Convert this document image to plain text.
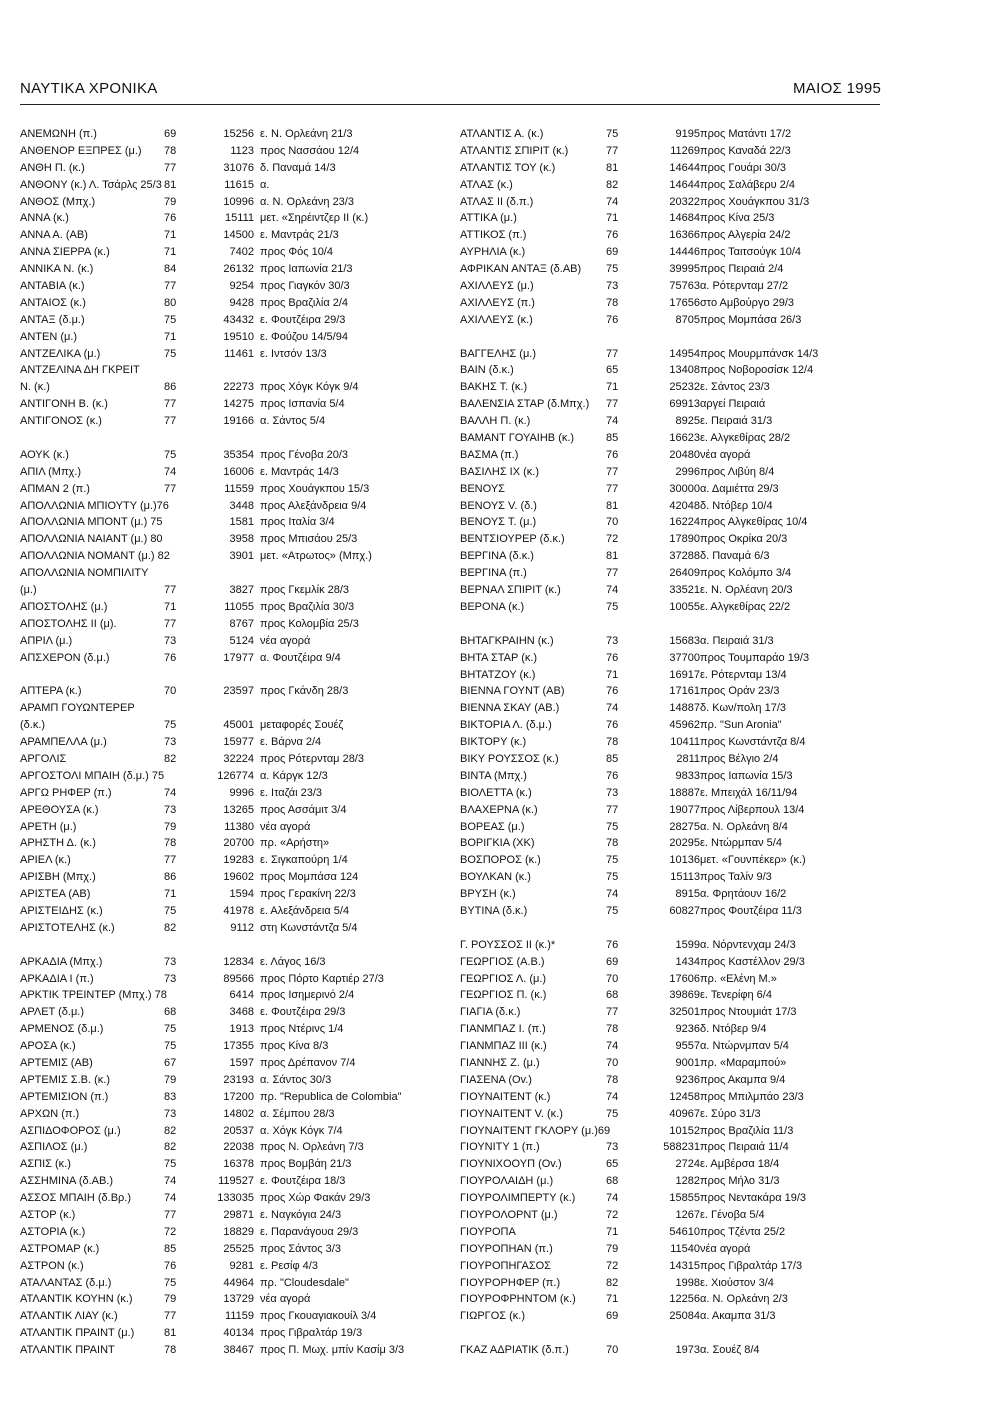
ΝΑΥΤΙΚΑ ΧΡΟΝΙΚΑ	ΜΑΙΟΣ 1995
ΑΝΕΜΩΝΗ (π.)	69	15256 ε. Ν. Ορλεάνη 21/3
ΑΝΘΕΝΟΡ ΕΞΠΡΕΣ (μ.) 78	1123 προς Νασσάου 12/4
ΑΝΘΗ Π. (κ.)	77	31076 δ. Παναμά 14/3
ΑΝΘΟΝΥ (κ.) Λ. Τσάρλς 25/3 81	11615 α.
ΑΝΘΟΣ (Μπχ.)	79	10996 α. Ν. Ορλεάνη 23/3
ΑΝΝΑ (κ.)	76	15111 μετ. «Σηρέιντζερ ΙΙ (κ.)
ΑΝΝΑ Α. (ΑΒ)	71	14500 ε. Μαντράς 21/3
ΑΝΝΑ ΣΙΕΡΡΑ (κ.)	71	7402 προς Φός 10/4
ΑΝΝΙΚΑ Ν. (κ.)	84	26132 προς Ιαπωνία 21/3
ΑΝΤΑΒΙΑ (κ.)	77	9254 προς Γιαγκόν 30/3
ΑΝΤΑΙΟΣ (κ.)	80	9428 προς Βραζιλία 2/4
ΑΝΤΑΞ (δ.μ.)	75	43432 ε. Φουτζέιρα 29/3
ΑΝΤΕΝ (μ.)	71	19510 ε. Φούζου 14/5/94
ΑΝΤΖΕΛΙΚΑ (μ.)	75	11461 ε. Ιντσόν 13/3
ΑΝΤΖΕΛΙΝΑ ΔΗ ΓΚΡΕΙΤ
Ν. (κ.)	86	22273 προς Χόγκ Κόγκ 9/4
ΑΝΤΙΓΟΝΗ Β. (κ.)	77	14275 προς Ισπανία 5/4
ΑΝΤΙΓΟΝΟΣ (κ.)	77	19166 α. Σάντος 5/4
ΑΟΥΚ (κ.)	75	35354 προς Γένοβα 20/3
ΑΠΙΛ (Μπχ.)	74	16006 ε. Μαντράς 14/3
ΑΠΜΑΝ 2 (π.)	77	11559 προς Χουάγκπου 15/3
ΑΠΟΛΛΩΝΙΑ ΜΠΙΟΥΤΥ (μ.)76	3448 προς Αλεξάνδρεια 9/4
ΑΠΟΛΛΩΝΙΑ ΜΠΟΝΤ (μ.) 75	1581 προς Ιταλία 3/4
ΑΠΟΛΛΩΝΙΑ ΝΑΙΑΝΤ (μ.) 80	3958 προς Μπισάου 25/3
ΑΠΟΛΛΩΝΙΑ ΝΟΜΑΝΤ (μ.) 82	3901 μετ. «Ατρωτος» (Μπχ.)
ΑΠΟΛΛΩΝΙΑ ΝΟΜΠΙΛΙΤΥ
(μ.)	77	3827 προς Γκεμλίκ 28/3
ΑΠΟΣΤΟΛΗΣ (μ.)	71	11055 προς Βραζιλία 30/3
ΑΠΟΣΤΟΛΗΣ ΙΙ (μ).	77	8767 προς Κολομβία 25/3
ΑΠΡΙΛ (μ.)	73	5124 νέα αγορά
ΑΠΣΧΕΡΟΝ (δ.μ.)	76	17977 α. Φουτζέιρα 9/4
ΑΠΤΕΡΑ (κ.)	70	23597 προς Γκάνδη 28/3
ΑΡΑΜΠ ΓΟΥΩΝΤΕΡΕΡ
(δ.κ.)	75	45001 μεταφορές Σουέζ
ΑΡΑΜΠΕΛΛΑ (μ.)	73	15977 ε. Βάρνα 2/4
ΑΡΓΟΛΙΣ	82	32224 προς Ρότερνταμ 28/3
ΑΡΓΟΣΤΟΛΙ ΜΠΑΙΗ (δ.μ.) 75	126774 α. Κάργκ 12/3
ΑΡΓΩ ΡΗΦΕΡ (π.)	74	9996 ε. Ιταζάι 23/3
ΑΡΕΘΟΥΣΑ (κ.)	73	13265 προς Ασσάμιτ 3/4
ΑΡΕΤΗ (μ.)	79	11380 νέα αγορά
ΑΡΗΣΤΗ Δ. (κ.)	78	20700 πρ. «Αρήστη»
ΑΡΙΕΛ (κ.)	77	19283 ε. Σιγκαπούρη 1/4
ΑΡΙΣΒΗ (Μπχ.)	86	19602 προς Μομπάσα 124
ΑΡΙΣΤΕΑ (ΑΒ)	71	1594 προς Γερακίνη 22/3
ΑΡΙΣΤΕΙΔΗΣ (κ.)	75	41978 ε. Αλεξάνδρεια 5/4
ΑΡΙΣΤΟΤΕΛΗΣ (κ.)	82	9112 στη Κωνστάντζα 5/4
ΑΡΚΑΔΙΑ (Μπχ.)	73	12834 ε. Λάγος 16/3
ΑΡΚΑΔΙΑ Ι (π.)	73	89566 προς Πόρτο Καρτιέρ 27/3
ΑΡΚΤΙΚ ΤΡΕΙΝΤΕΡ (Μπχ.) 78	6414 προς Ισημερινό 2/4
ΑΡΛΕΤ (δ.μ.)	68	3468 ε. Φουτζέιρα 29/3
ΑΡΜΕΝΟΣ (δ.μ.)	75	1913 προς Ντέρινς 1/4
ΑΡΟΣΑ (κ.)	75	17355 προς Κίνα 8/3
ΑΡΤΕΜΙΣ (ΑΒ)	67	1597 προς Δρέπανον 7/4
ΑΡΤΕΜΙΣ Σ.Β. (κ.)	79	23193 α. Σάντος 30/3
ΑΡΤΕΜΙΣΙΟΝ (π.)	83	17200 πρ. "Republica de Colombia"
ΑΡΧΩΝ (π.)	73	14802 α. Σέμπου 28/3
ΑΣΠΙΔΟΦΟΡΟΣ (μ.)	82	20537 α. Χόγκ Κόγκ 7/4
ΑΣΠΙΛΟΣ (μ.)	82	22038 προς Ν. Ορλεάνη 7/3
ΑΣΠΙΣ (κ.)	75	16378 προς Βομβάη 21/3
ΑΣΣΗΜΙΝΑ (δ.ΑΒ.)	74	119527 ε. Φουτζέιρα 18/3
ΑΣΣΟΣ ΜΠΑΙΗ (δ.Βρ.)	74	133035 προς Χώρ Φακάν 29/3
ΑΣΤΟΡ (κ.)	77	29871 ε. Ναγκόγια 24/3
ΑΣΤΟΡΙΑ (κ.)	72	18829 ε. Παρανάγουα 29/3
ΑΣΤΡΟΜΑΡ (κ.)	85	25525 προς Σάντος 3/3
ΑΣΤΡΟΝ (κ.)	76	9281 ε. Ρεσίφ 4/3
ΑΤΑΛΑΝΤΑΣ (δ.μ.)	75	44964 πρ. "Cloudesdale"
ΑΤΛΑΝΤΙΚ ΚΟΥΗΝ (κ.)	79	13729 νέα αγορά
ΑΤΛΑΝΤΙΚ ΛΙΑΥ (κ.)	77	11159 προς Γκουαγιακουίλ 3/4
ΑΤΛΑΝΤΙΚ ΠΡΑΙΝΤ (μ.)	81	40134 προς Γιβραλτάρ 19/3
ΑΤΛΑΝΤΙΚ ΠΡΑΙΝΤ	78	38467 προς Π. Μωχ. μπίν Κασίμ 3/3
ΑΤΛΑΝΤΙΣ Α. (κ.)	75	9195 προς Ματάντι 17/2
ΑΤΛΑΝΤΙΣ ΣΠΙΡΙΤ (κ.)	77	11269 προς Καναδά 22/3
ΑΤΛΑΝΤΙΣ ΤΟΥ (κ.)	81	14644 προς Γουάρι 30/3
ΑΤΛΑΣ (κ.)	82	14644 προς Σαλάβερυ 2/4
ΑΤΛΑΣ ΙΙ (δ.π.)	74	20322 προς Χουάγκπου 31/3
ΑΤΤΙΚΑ (μ.)	71	14684 προς Κίνα 25/3
ΑΤΤΙΚΟΣ (π.)	76	16366 προς Αλγερία 24/2
ΑΥΡΗΛΙΑ (κ.)	69	14446 προς Ταιτσούγκ 10/4
ΑΦΡΙΚΑΝ ΑΝΤΑΞ (δ.ΑΒ) 75	39995 προς Πειραιά 2/4
ΑΧΙΛΛΕΥΣ (μ.)	73	75763 α. Ρότερνταμ 27/2
ΑΧΙΛΛΕΥΣ (π.)	78	17656 στο Αμβούργο 29/3
ΑΧΙΛΛΕΥΣ (κ.)	76	8705 προς Μομπάσα 26/3
ΒΑΓΓΕΛΗΣ (μ.)	77	14954 προς Μουρμπάνσκ 14/3
ΒΑΙΝ (δ.κ.)	65	13408 προς Νοβοροσίσκ 12/4
ΒΑΚΗΣ Τ. (κ.)	71	25232 ε. Σάντος 23/3
ΒΑΛΕΝΣΙΑ ΣΤΑΡ (δ.Μπχ.) 77	69913 αργεί Πειραιά
ΒΑΛΛΗ Π. (κ.)	74	8925 ε. Πειραιά 31/3
ΒΑΜΑΝΤ ΓΟΥΑΙΗΒ (κ.)	85	16623 ε. Αλγκεθίρας 28/2
ΒΑΣΜΑ (π.)	76	20480 νέα αγορά
ΒΑΣΙΛΗΣ ΙΧ (κ.)	77	2996 προς Λιβύη 8/4
ΒΕΝΟΥΣ	77	30000 α. Δαμιέττα 29/3
ΒΕΝΟΥΣ V. (δ.)	81	42048 δ. Ντόβερ 10/4
ΒΕΝΟΥΣ Τ. (μ.)	70	16224 προς Αλγκεθίρας 10/4
ΒΕΝΤΣΙΟΥΡΕΡ (δ.κ.)	72	17890 προς Οκρίκα 20/3
ΒΕΡΓΙΝΑ (δ.κ.)	81	37288 δ. Παναμά 6/3
ΒΕΡΓΙΝΑ (π.)	77	26409 προς Κολόμπο 3/4
ΒΕΡΝΑΛ ΣΠΙΡΙΤ (κ.)	74	33521 ε. Ν. Ορλέανη 20/3
ΒΕΡΟΝΑ (κ.)	75	10055 ε. Αλγκεθίρας 22/2
ΒΗΤΑΓΚΡΑΙΗΝ (κ.)	73	15683 α. Πειραιά 31/3
ΒΗΤΑ ΣΤΑΡ (κ.)	76	37700 προς Τουμπαράο 19/3
ΒΗΤΑΤΖΟΥ (κ.)	71	16917 ε. Ρότερνταμ 13/4
ΒΙΕΝΝΑ ΓΟΥΝΤ (ΑΒ)	76	17161 προς Οράν 23/3
ΒΙΕΝΝΑ ΣΚΑΥ (ΑΒ.)	74	14887 δ. Κων/πολη 17/3
ΒΙΚΤΟΡΙΑ Λ. (δ.μ.)	76	45962 πρ. "Sun Aronia"
ΒΙΚΤΟΡΥ (κ.)	78	10411 προς Κωνστάντζα 8/4
ΒΙΚΥ ΡΟΥΣΣΟΣ (κ.)	85	2811 προς Βέλγιο 2/4
ΒΙΝΤΑ (Μπχ.)	76	9833 προς Ιαπωνία 15/3
ΒΙΟΛΕΤΤΑ (κ.)	73	18887 ε. Μπειχάλ 16/11/94
ΒΛΑΧΕΡΝΑ (κ.)	77	19077 προς Λίβερπουλ 13/4
ΒΟΡΕΑΣ (μ.)	75	28275 α. Ν. Ορλεάνη 8/4
ΒΟΡΙΓΚΙΑ (ΧΚ)	78	20295 ε. Ντώρμπαν 5/4
ΒΟΣΠΟΡΟΣ (κ.)	75	10136 μετ. «Γουνπέκερ» (κ.)
ΒΟΥΛΚΑΝ (κ.)	75	15113 προς Ταλίν 9/3
ΒΡΥΣΗ (κ.)	74	8915 α. Φρητάουν 16/2
ΒΥΤΙΝΑ (δ.κ.)	75	60827 προς Φουτζέιρα 11/3
Γ. ΡΟΥΣΣΟΣ ΙΙ (κ.)*	76	1599 α. Νόρντενχαμ 24/3
ΓΕΩΡΓΙΟΣ (Α.Β.)	69	1434 προς Καστέλλον 29/3
ΓΕΩΡΓΙΟΣ Λ. (μ.)	70	17606 πρ. «Ελένη Μ.»
ΓΕΩΡΓΙΟΣ Π. (κ.)	68	39869 ε. Τενερίφη 6/4
ΓΙΑΓΙΑ (δ.κ.)	77	32501 προς Ντουμιάτ 17/3
ΓΙΑΝΜΠΑΖ Ι. (π.)	78	9236 δ. Ντόβερ 9/4
ΓΙΑΝΜΠΑΖ ΙΙΙ (κ.)	74	9557 α. Ντώρνμπαν 5/4
ΓΙΑΝΝΗΣ Ζ. (μ.)	70	9001 πρ. «Μαραμπού»
ΓΙΑΣΕΝΑ (Ov.)	78	9236 προς Ακαμπα 9/4
ΓΙΟΥΝΑΙΤΕΝΤ (κ.)	74	12458 προς Μπιλμπάο 23/3
ΓΙΟΥΝΑΙΤΕΝΤ V. (κ.)	75	40967 ε. Σύρο 31/3
ΓΙΟΥΝΑΙΤΕΝΤ ΓΚΛΟΡΥ (μ.)69	10152 προς Βραζιλία 11/3
ΓΙΟΥΝΙΤΥ 1 (π.)	73	588231 προς Πειραιά 11/4
ΓΙΟΥΝΙΧΟΟΥΠ (Ov.)	65	2724 ε. Αμβέρσα 18/4
ΓΙΟΥΡΟΛΑΙΔΗ (μ.)	68	1282 προς Μήλο 31/3
ΓΙΟΥΡΟΛΙΜΠΕΡΤΥ (κ.)	74	15855 προς Νεντακάρα 19/3
ΓΙΟΥΡΟΛΟΡΝΤ (μ.)	72	1267 ε. Γένοβα 5/4
ΓΙΟΥΡΟΠΑ	71	54610 προς Τζέντα 25/2
ΓΙΟΥΡΟΠΗΑΝ (π.)	79	11540 νέα αγορά
ΓΙΟΥΡΟΠΗΓΑΣΟΣ	72	14315 προς Γιβραλτάρ 17/3
ΓΙΟΥΡΟΡΗΦΕΡ (π.)	82	1998 ε. Χιούστον 3/4
ΓΙΟΥΡΟΦΡΗΝΤΟΜ (κ.)	71	12256 α. Ν. Ορλεάνη 2/3
ΓΙΩΡΓΟΣ (κ.)	69	25084 α. Ακαμπα 31/3
ΓΚΑΖ ΑΔΡΙΑΤΙΚ (δ.π.)	70	1973 α. Σουέζ 8/4
